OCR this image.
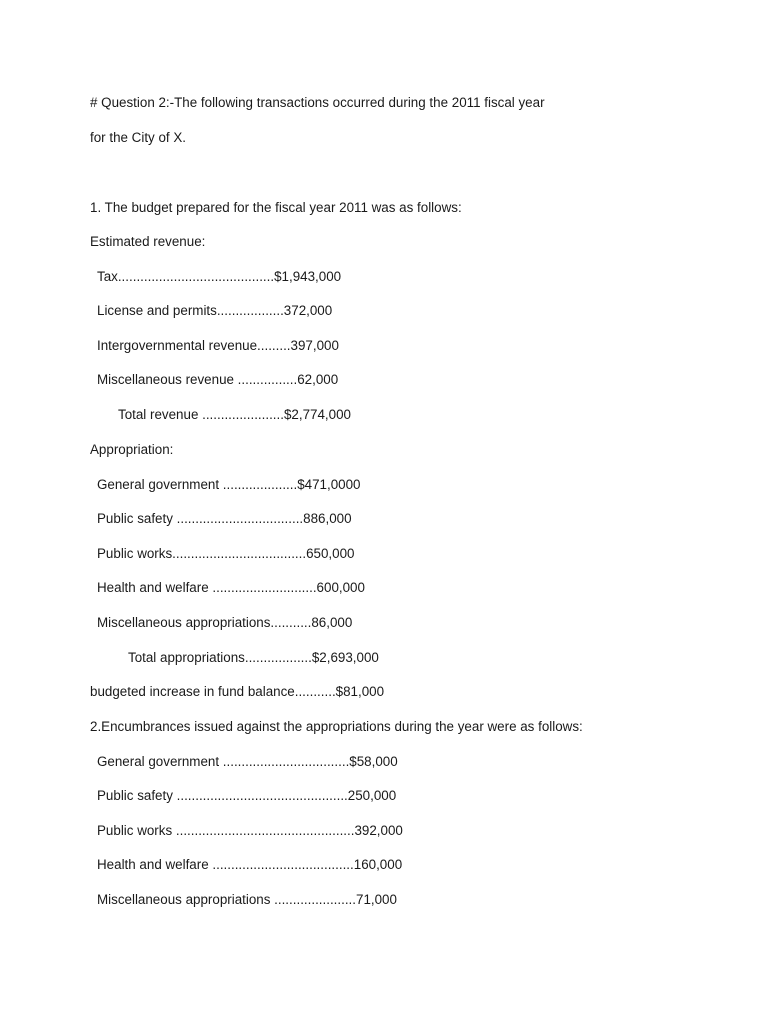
# Question 2:-The following transactions occurred during the 2011 fiscal year
for the City of X.
1. The budget prepared for the fiscal year 2011 was as follows:
Estimated revenue:
Tax..........................................$1,943,000
License and permits..................372,000
Intergovernmental revenue.........397,000
Miscellaneous revenue ................62,000
Total revenue ......................$2,774,000
Appropriation:
General government ....................$471,0000
Public safety ..................................886,000
Public works....................................650,000
Health and welfare ............................600,000
Miscellaneous appropriations...........86,000
Total appropriations..................$2,693,000
budgeted increase in fund balance...........$81,000
2.Encumbrances issued against the appropriations during the year were as follows:
General government ..................................$58,000
Public safety ..............................................250,000
Public works ................................................392,000
Health and welfare ......................................160,000
Miscellaneous appropriations ......................71,000
